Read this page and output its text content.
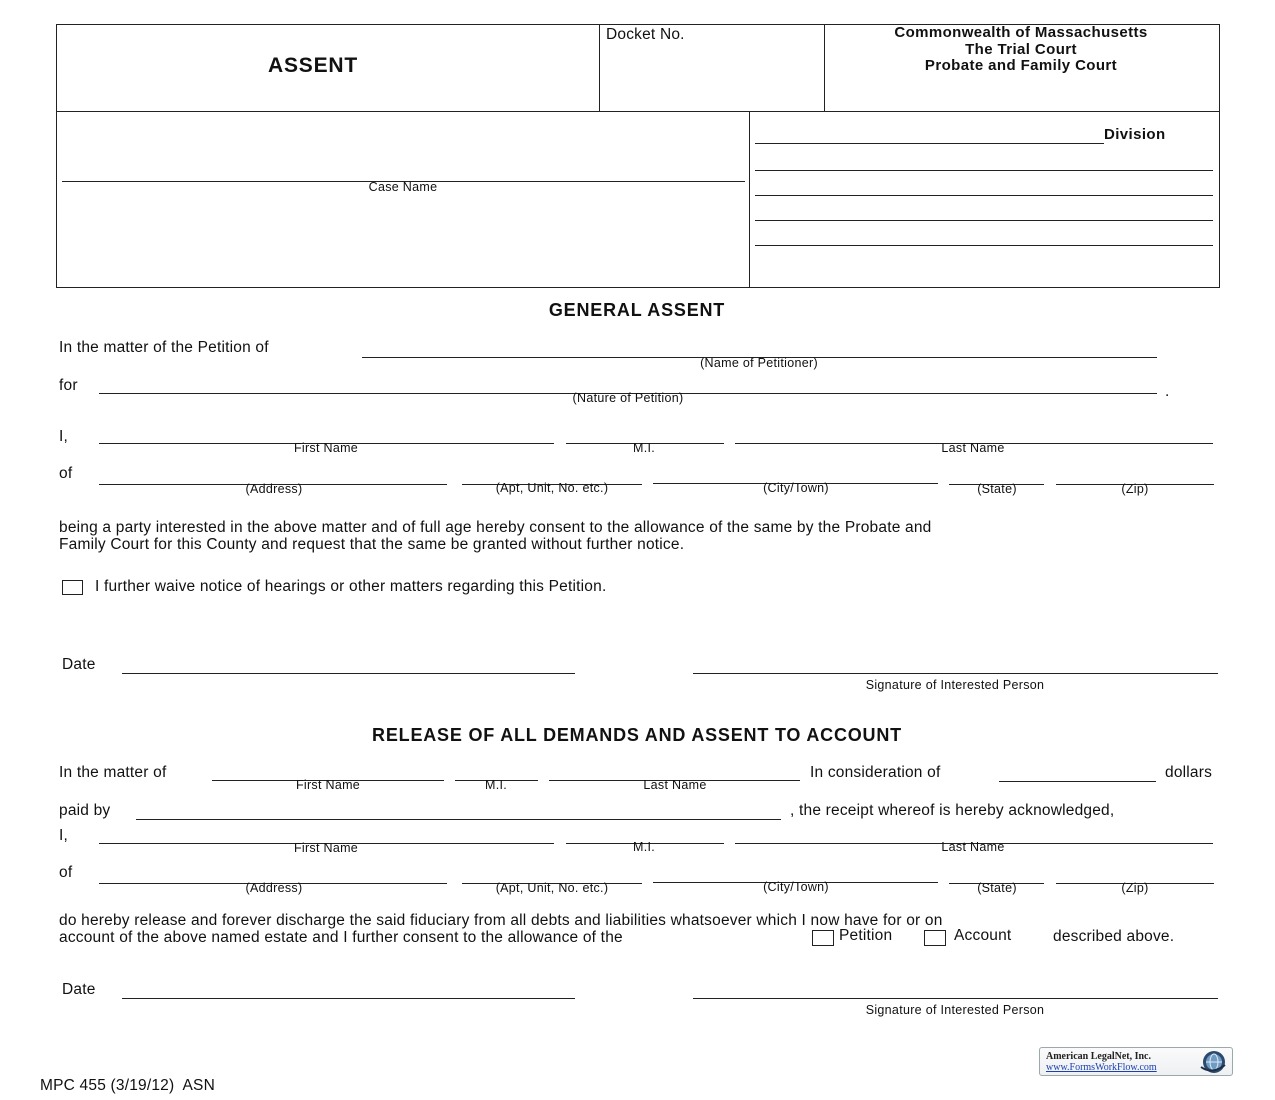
ASSENT
Docket No.	Commonwealth of Massachusetts
The Trial Court
Probate and Family Court
Case Name
Division
GENERAL ASSENT
In the matter of the Petition of
(Name of Petitioner)
for
(Nature of Petition)	.
I,
First Name	M.I.	Last Name
of
(Address)	(Apt, Unit, No. etc.)	(City/Town)	(State)	(Zip)
being a party interested in the above matter and of full age hereby consent to the allowance of the same by the Probate and
Family Court for this County and request that the same be granted without further notice.
I further waive notice of hearings or other matters regarding this Petition.
Date
Signature of Interested Person
RELEASE OF ALL DEMANDS AND ASSENT TO ACCOUNT
In the matter of
First Name	M.I.	Last Name
In consideration of	dollars
paid by	, the receipt whereof is hereby acknowledged,
I,
First Name	M.I.	Last Name
of
(Address)	(Apt, Unit, No. etc.)	(City/Town)	(State)	(Zip)
do hereby release and forever discharge the said fiduciary from all debts and liabilities whatsoever which I now have for or on
account of the above named estate and I further consent to the allowance of the	Petition	Account	described above.
Date
Signature of Interested Person
MPC 455 (3/19/12)  ASN
American LegalNet, Inc.
www.FormsWorkFlow.com
